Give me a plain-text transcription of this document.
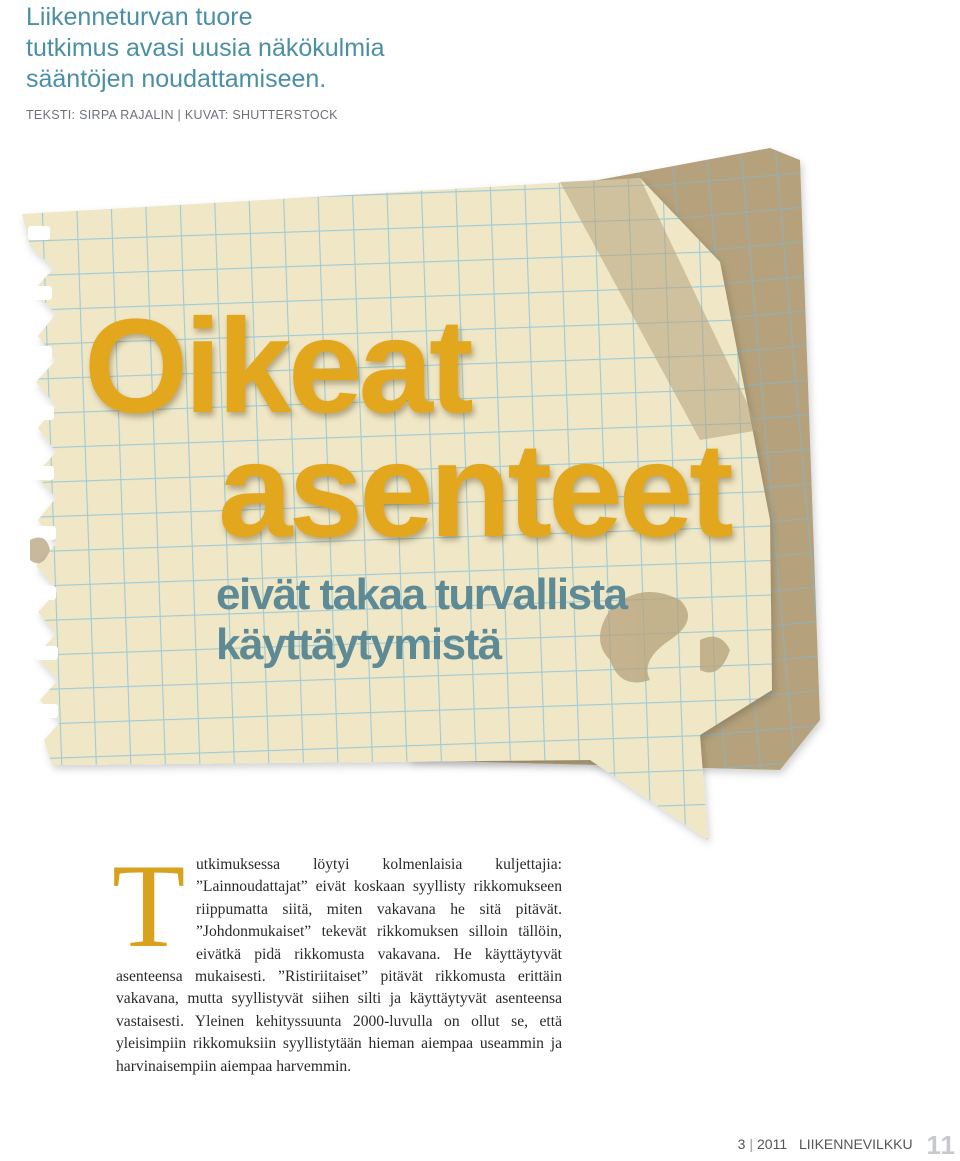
Liikenneturvan tuore
tutkimus avasi uusia näkökulmia
sääntöjen noudattamiseen.

TEKSTI: SIRPA RAJALIN | KUVAT: SHUTTERSTOCK

Oikeat
asenteet
eivät takaa turvallista
käyttäytymistä
T utkimuksessa löytyi kolmenlaisia kuljettajia: ”Lainnoudattajat” eivät koskaan syyllisty rikkomukseen riippumatta siitä, miten vakavana he sitä pitävät. ”Johdonmukaiset” tekevät rikkomuksen silloin tällöin, eivätkä pidä rikkomusta vakavana. He käyttäytyvät asenteensa mukaisesti. ”Ristiriitaiset” pitävät rikkomusta erittäin vakavana, mutta syyllistyvät siihen silti ja käyttäytyvät asenteensa vastaisesti. Yleinen kehityssuunta 2000-luvulla on ollut se, että yleisimpiin rikkomuksiin syyllistytään hieman aiempaa useammin ja harvinaisempiin aiempaa harvemmin.

3 | 2011 LIIKENNEVILKKU 11
